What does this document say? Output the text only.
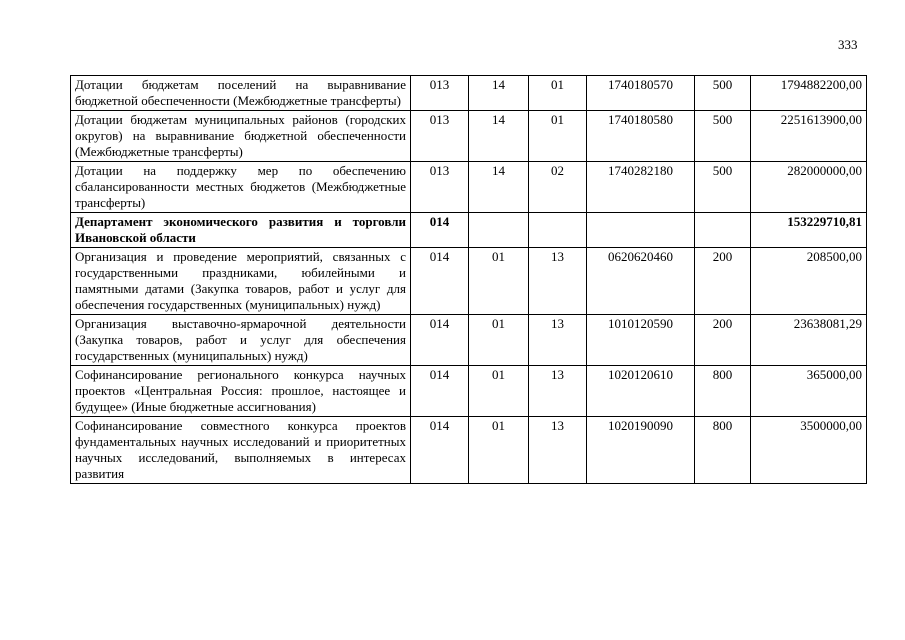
333
Дотации бюджетам поселений на выравнивание бюджетной обеспеченности (Межбюджетные трансферты)	013	14	01	1740180570	500	1794882200,00
Дотации бюджетам муниципальных районов (городских округов) на выравнивание бюджетной обеспеченности (Межбюджетные трансферты)	013	14	01	1740180580	500	2251613900,00
Дотации на поддержку мер по обеспечению сбалансированности местных бюджетов (Межбюджетные трансферты)	013	14	02	1740282180	500	282000000,00
Департамент экономического развития и торговли Ивановской области	014					153229710,81
Организация и проведение мероприятий, связанных с государственными праздниками, юбилейными и памятными датами (Закупка товаров, работ и услуг для обеспечения государственных (муниципальных) нужд)	014	01	13	0620620460	200	208500,00
Организация выставочно-ярмарочной деятельности (Закупка товаров, работ и услуг для обеспечения государственных (муниципальных) нужд)	014	01	13	1010120590	200	23638081,29
Софинансирование регионального конкурса научных проектов «Центральная Россия: прошлое, настоящее и будущее» (Иные бюджетные ассигнования)	014	01	13	1020120610	800	365000,00
Софинансирование совместного конкурса проектов фундаментальных научных исследований и приоритетных научных исследований, выполняемых в интересах развития	014	01	13	1020190090	800	3500000,00
